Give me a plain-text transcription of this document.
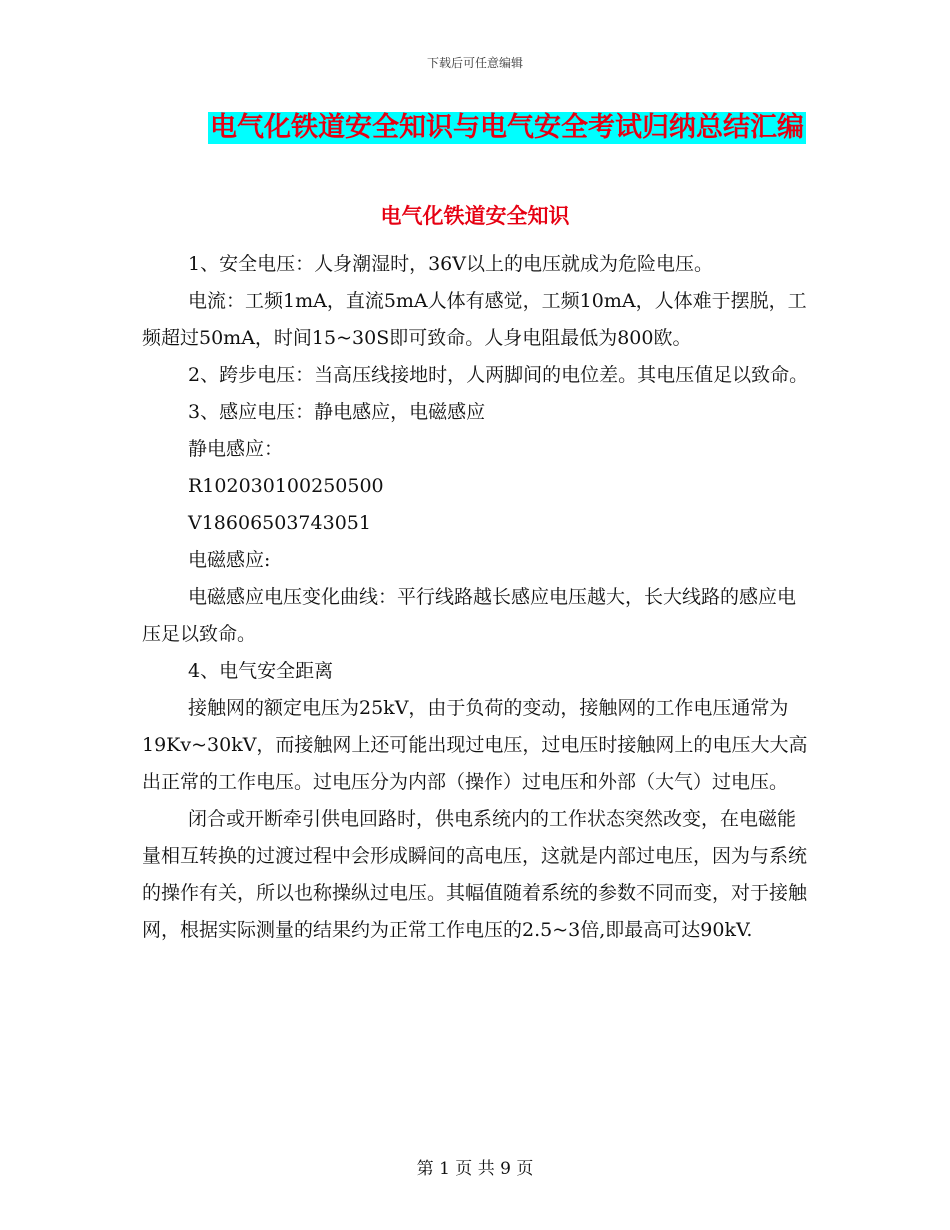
下载后可任意编辑
电气化铁道安全知识与电气安全考试归纳总结汇编
电气化铁道安全知识

1、安全电压：人身潮湿时，36V以上的电压就成为危险电压。

电流：工频1mA，直流5mA人体有感觉，工频10mA，人体难于摆脱，工频超过50mA，时间15~30S即可致命。人身电阻最低为800欧。

2、跨步电压：当高压线接地时，人两脚间的电位差。其电压值足以致命。

3、感应电压：静电感应，电磁感应

静电感应：

R102030100250500

V18606503743051

电磁感应:

电磁感应电压变化曲线：平行线路越长感应电压越大，长大线路的感应电压足以致命。

4、电气安全距离

接触网的额定电压为25kV，由于负荷的变动，接触网的工作电压通常为19Kv~30kV，而接触网上还可能出现过电压，过电压时接触网上的电压大大高出正常的工作电压。过电压分为内部（操作）过电压和外部（大气）过电压。

闭合或开断牵引供电回路时，供电系统内的工作状态突然改变，在电磁能量相互转换的过渡过程中会形成瞬间的高电压，这就是内部过电压，因为与系统的操作有关，所以也称操纵过电压。其幅值随着系统的参数不同而变，对于接触网，根据实际测量的结果约为正常工作电压的2.5~3倍,即最高可达90kV.

第 1 页 共 9 页
